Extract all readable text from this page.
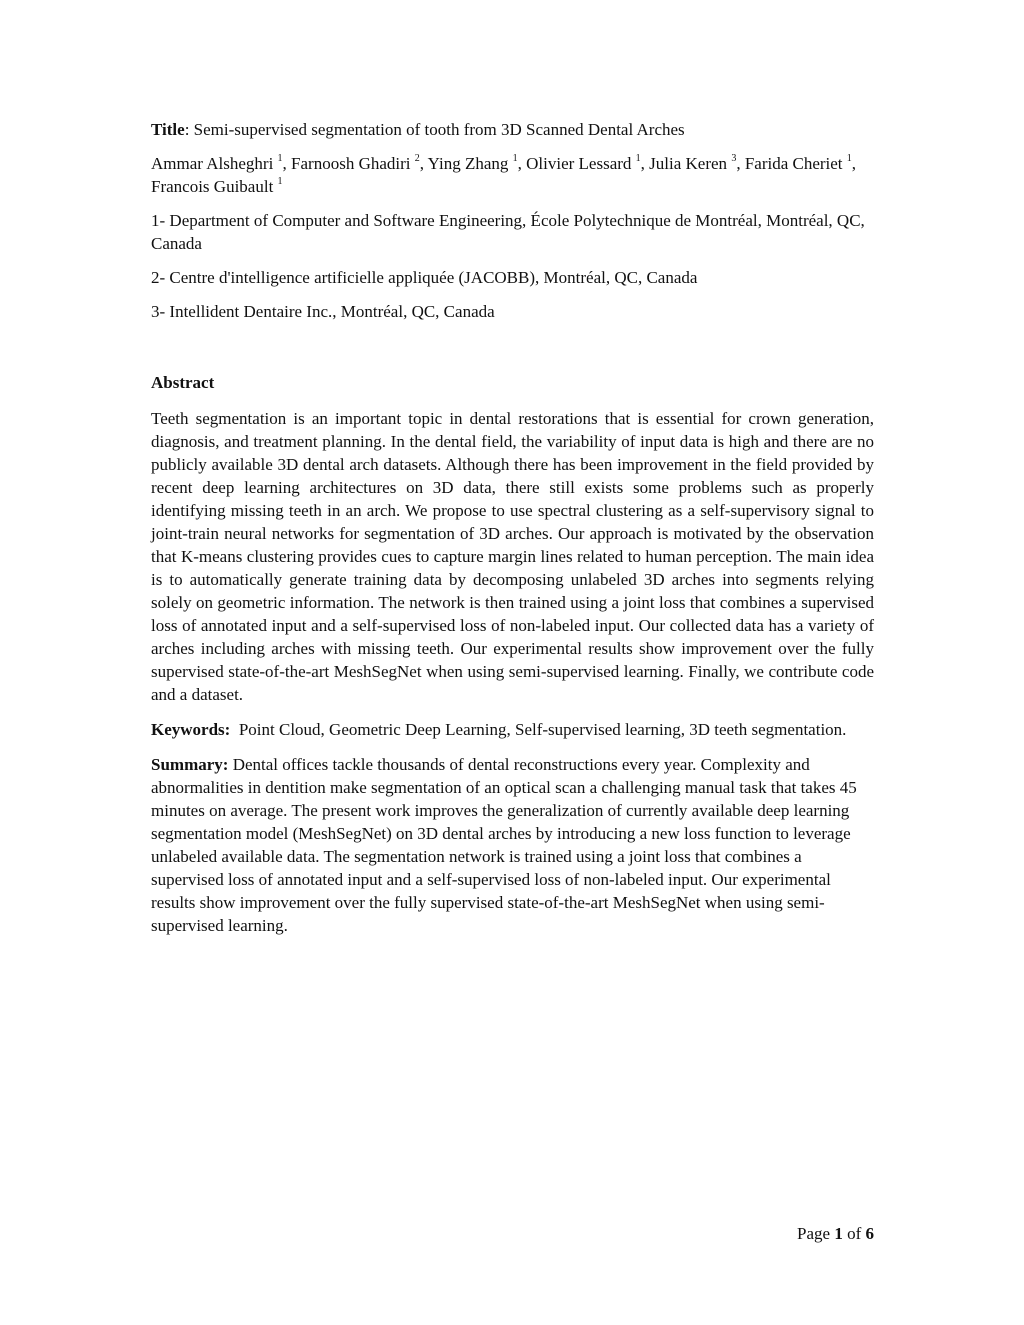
Title: Semi-supervised segmentation of tooth from 3D Scanned Dental Arches

Ammar Alsheghri $^1$, Farnoosh Ghadiri $^2$, Ying Zhang $^1$, Olivier Lessard $^1$, Julia Keren $^3$, Farida Cheriet $^1$, Francois Guibault $^1$

1- Department of Computer and Software Engineering, École Polytechnique de Montréal, Montréal, QC, Canada

2- Centre d'intelligence artificielle appliquée (JACOBB), Montréal, QC, Canada

3- Intellident Dentaire Inc., Montréal, QC, Canada

Abstract

Teeth segmentation is an important topic in dental restorations that is essential for crown generation, diagnosis, and treatment planning. In the dental field, the variability of input data is high and there are no publicly available 3D dental arch datasets. Although there has been improvement in the field provided by recent deep learning architectures on 3D data, there still exists some problems such as properly identifying missing teeth in an arch. We propose to use spectral clustering as a self-supervisory signal to joint-train neural networks for segmentation of 3D arches. Our approach is motivated by the observation that K-means clustering provides cues to capture margin lines related to human perception. The main idea is to automatically generate training data by decomposing unlabeled 3D arches into segments relying solely on geometric information. The network is then trained using a joint loss that combines a supervised loss of annotated input and a self-supervised loss of non-labeled input. Our collected data has a variety of arches including arches with missing teeth. Our experimental results show improvement over the fully supervised state-of-the-art MeshSegNet when using semi-supervised learning. Finally, we contribute code and a dataset.

Keywords: Point Cloud, Geometric Deep Learning, Self-supervised learning, 3D teeth segmentation.

Summary: Dental offices tackle thousands of dental reconstructions every year. Complexity and abnormalities in dentition make segmentation of an optical scan a challenging manual task that takes 45 minutes on average. The present work improves the generalization of currently available deep learning segmentation model (MeshSegNet) on 3D dental arches by introducing a new loss function to leverage unlabeled available data. The segmentation network is trained using a joint loss that combines a supervised loss of annotated input and a self-supervised loss of non-labeled input. Our experimental results show improvement over the fully supervised state-of-the-art MeshSegNet when using semi-supervised learning.

Page 1 of 6
